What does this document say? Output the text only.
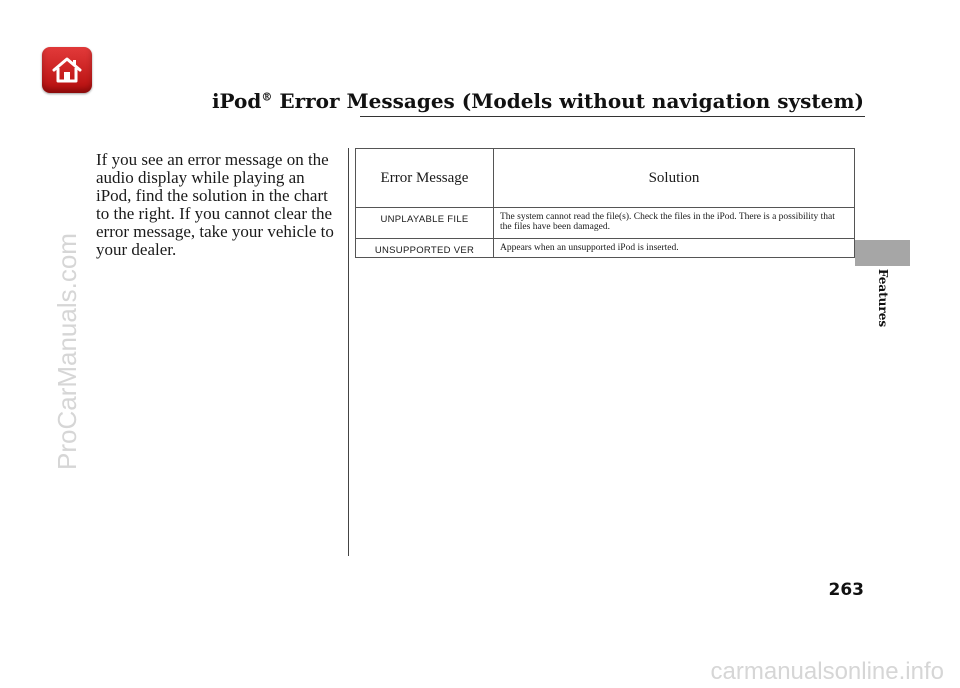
iPod® Error Messages (Models without navigation system)
If you see an error message on the audio display while playing an iPod, find the solution in the chart to the right. If you cannot clear the error message, take your vehicle to your dealer.
Error Message	Solution
UNPLAYABLE FILE	The system cannot read the file(s). Check the files in the iPod. There is a possibility that the files have been damaged.
UNSUPPORTED VER	Appears when an unsupported iPod is inserted.
Features
263
ProCarManuals.com
carmanualsonline.info
